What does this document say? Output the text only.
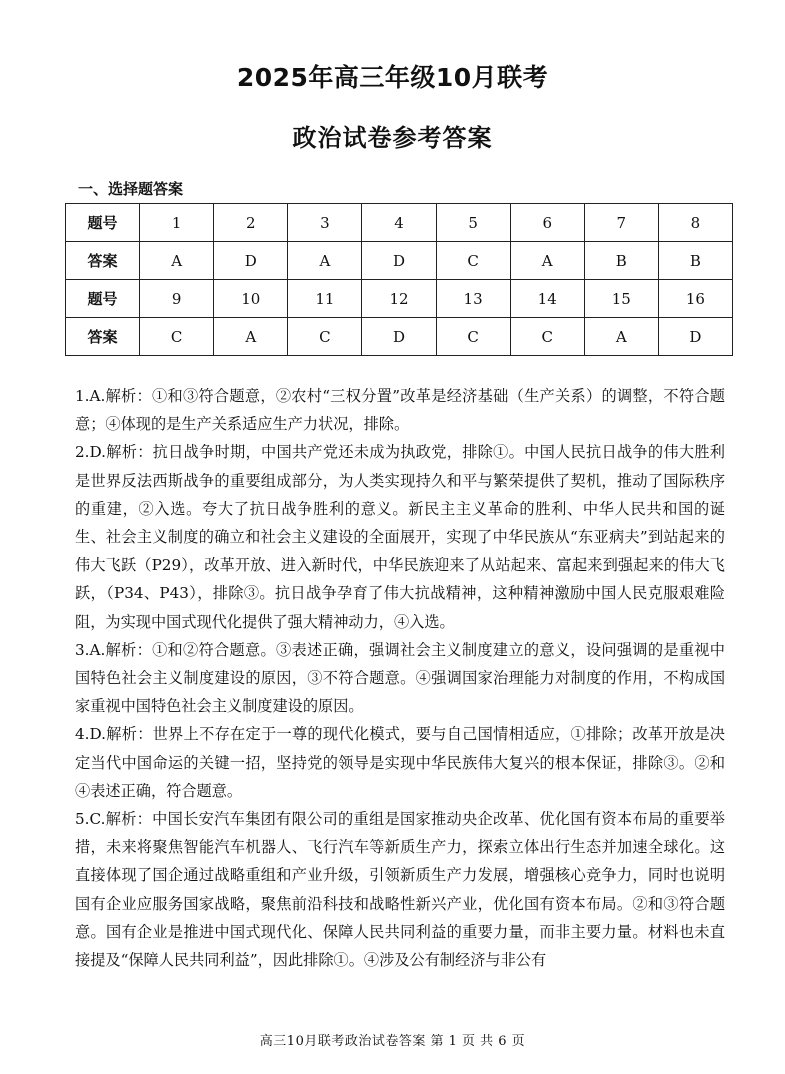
2025年高三年级10月联考
政治试卷参考答案
一、选择题答案
题号	1	2	3	4	5	6	7	8
答案	A	D	A	D	C	A	B	B
题号	9	10	11	12	13	14	15	16
答案	C	A	C	D	C	C	A	D

1.A.解析：①和③符合题意，②农村“三权分置”改革是经济基础（生产关系）的调整，不符合题意；④体现的是生产关系适应生产力状况，排除。

2.D.解析：抗日战争时期，中国共产党还未成为执政党，排除①。中国人民抗日战争的伟大胜利是世界反法西斯战争的重要组成部分，为人类实现持久和平与繁荣提供了契机，推动了国际秩序的重建，②入选。夸大了抗日战争胜利的意义。新民主主义革命的胜利、中华人民共和国的诞生、社会主义制度的确立和社会主义建设的全面展开，实现了中华民族从“东亚病夫”到站起来的伟大飞跃（P29），改革开放、进入新时代，中华民族迎来了从站起来、富起来到强起来的伟大飞跃，（P34、P43），排除③。抗日战争孕育了伟大抗战精神，这种精神激励中国人民克服艰难险阻，为实现中国式现代化提供了强大精神动力，④入选。

3.A.解析：①和②符合题意。③表述正确，强调社会主义制度建立的意义，设问强调的是重视中国特色社会主义制度建设的原因，③不符合题意。④强调国家治理能力对制度的作用，不构成国家重视中国特色社会主义制度建设的原因。

4.D.解析：世界上不存在定于一尊的现代化模式，要与自己国情相适应，①排除；改革开放是决定当代中国命运的关键一招，坚持党的领导是实现中华民族伟大复兴的根本保证，排除③。②和④表述正确，符合题意。

5.C.解析：中国长安汽车集团有限公司的重组是国家推动央企改革、优化国有资本布局的重要举措，未来将聚焦智能汽车机器人、飞行汽车等新质生产力，探索立体出行生态并加速全球化。这直接体现了国企通过战略重组和产业升级，引领新质生产力发展，增强核心竞争力，同时也说明国有企业应服务国家战略，聚焦前沿科技和战略性新兴产业，优化国有资本布局。②和③符合题意。国有企业是推进中国式现代化、保障人民共同利益的重要力量，而非主要力量。材料也未直接提及“保障人民共同利益”，因此排除①。④涉及公有制经济与非公有

高三10月联考政治试卷答案 第 1 页 共 6 页
